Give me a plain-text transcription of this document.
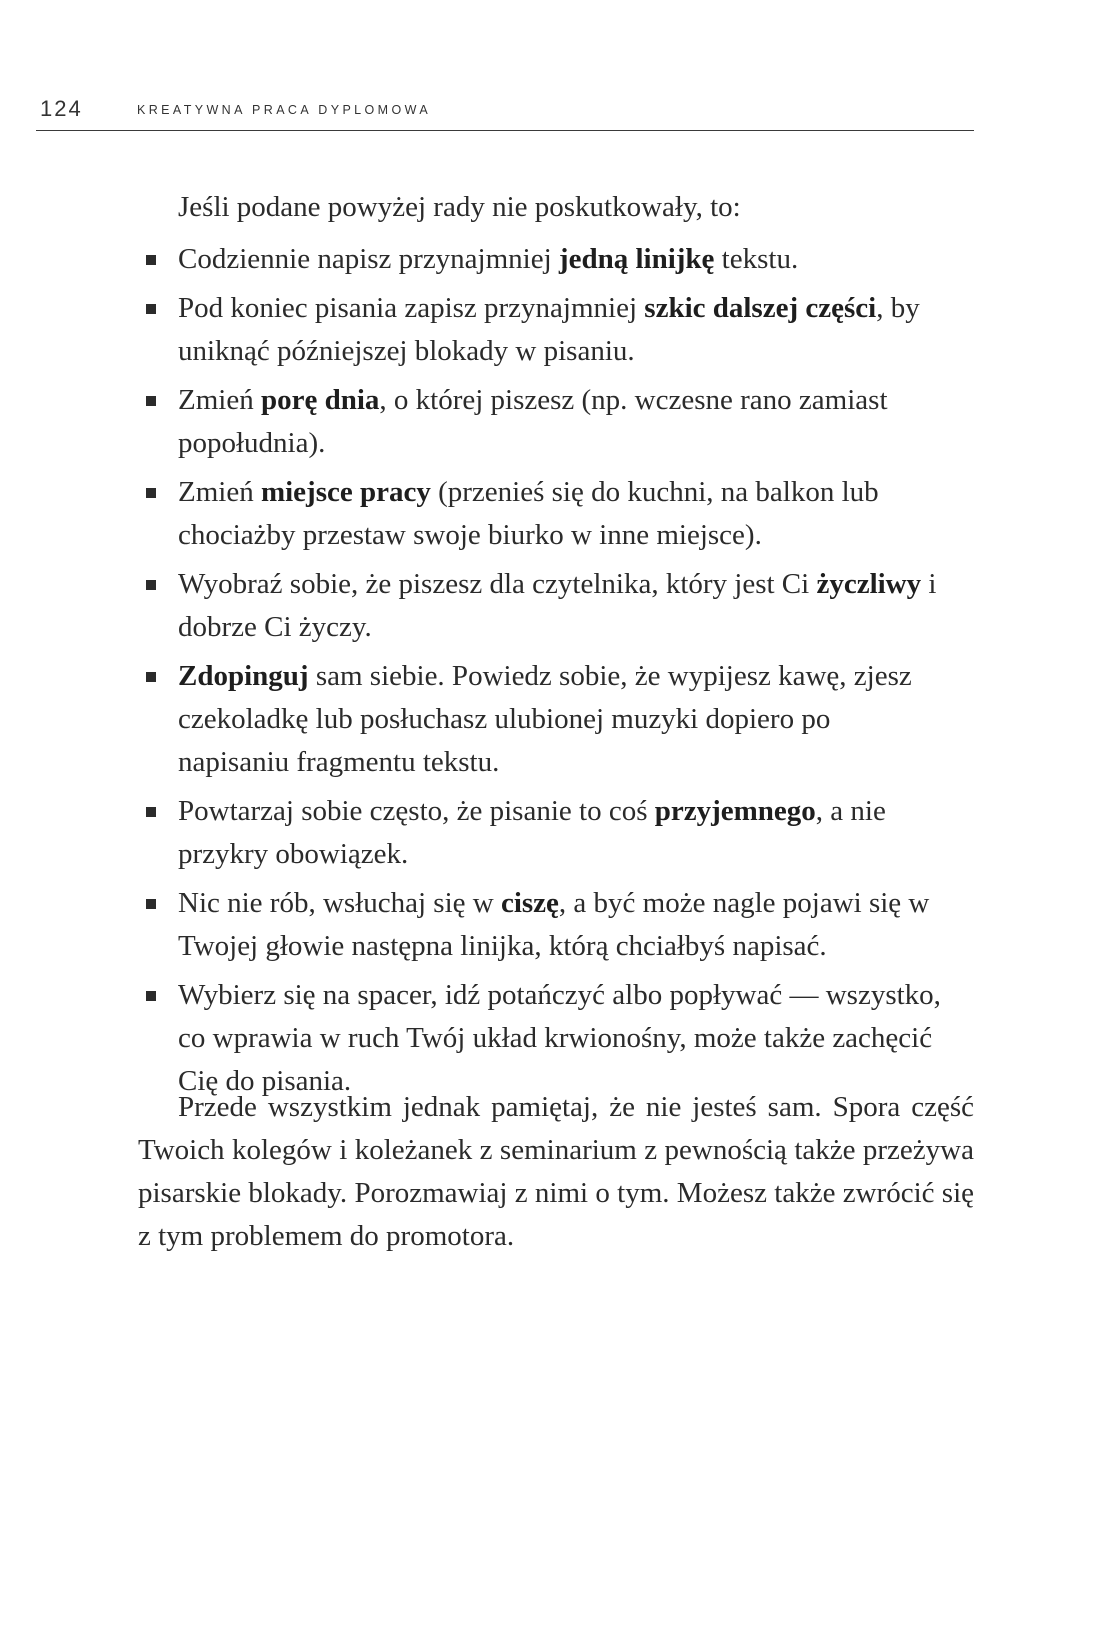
124	KREATYWNA PRACA DYPLOMOWA

Jeśli podane powyżej rady nie poskutkowały, to:

Codziennie napisz przynajmniej jedną linijkę tekstu.
Pod koniec pisania zapisz przynajmniej szkic dalszej części, by uniknąć późniejszej blokady w pisaniu.
Zmień porę dnia, o której piszesz (np. wczesne rano zamiast popołudnia).
Zmień miejsce pracy (przenieś się do kuchni, na balkon lub chociażby przestaw swoje biurko w inne miejsce).
Wyobraź sobie, że piszesz dla czytelnika, który jest Ci życzliwy i dobrze Ci życzy.
Zdopinguj sam siebie. Powiedz sobie, że wypijesz kawę, zjesz czekoladkę lub posłuchasz ulubionej muzyki dopiero po napisaniu fragmentu tekstu.
Powtarzaj sobie często, że pisanie to coś przyjemnego, a nie przykry obowiązek.
Nic nie rób, wsłuchaj się w ciszę, a być może nagle pojawi się w Twojej głowie następna linijka, którą chciałbyś napisać.
Wybierz się na spacer, idź potańczyć albo popływać — wszystko, co wprawia w ruch Twój układ krwionośny, może także zachęcić Cię do pisania.

Przede wszystkim jednak pamiętaj, że nie jesteś sam. Spora część Twoich kolegów i koleżanek z seminarium z pewnością także przeżywa pisarskie blokady. Porozmawiaj z nimi o tym. Możesz także zwrócić się z tym problemem do promotora.
